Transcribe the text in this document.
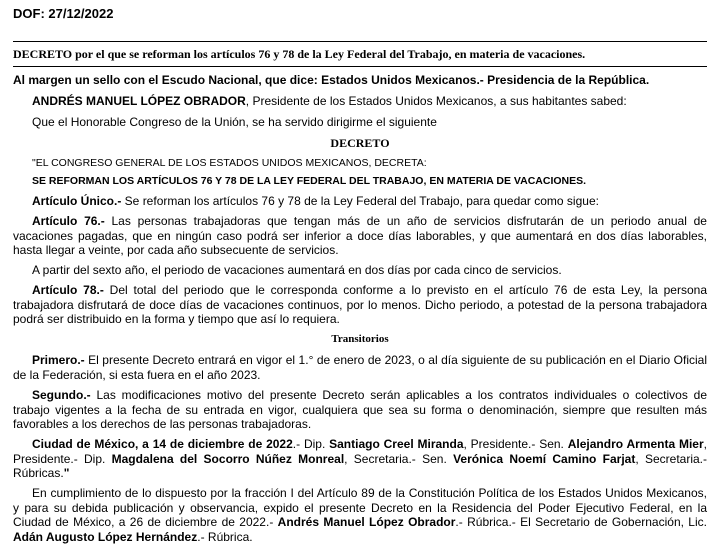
DOF: 27/12/2022
DECRETO por el que se reforman los artículos 76 y 78 de la Ley Federal del Trabajo, en materia de vacaciones.

Al margen un sello con el Escudo Nacional, que dice: Estados Unidos Mexicanos.- Presidencia de la República.

ANDRÉS MANUEL LÓPEZ OBRADOR, Presidente de los Estados Unidos Mexicanos, a sus habitantes sabed:

Que el Honorable Congreso de la Unión, se ha servido dirigirme el siguiente

DECRETO

"EL CONGRESO GENERAL DE LOS ESTADOS UNIDOS MEXICANOS, DECRETA:

SE REFORMAN LOS ARTÍCULOS 76 Y 78 DE LA LEY FEDERAL DEL TRABAJO, EN MATERIA DE VACACIONES.

Artículo Único.- Se reforman los artículos 76 y 78 de la Ley Federal del Trabajo, para quedar como sigue:

Artículo 76.- Las personas trabajadoras que tengan más de un año de servicios disfrutarán de un periodo anual de vacaciones pagadas, que en ningún caso podrá ser inferior a doce días laborables, y que aumentará en dos días laborables, hasta llegar a veinte, por cada año subsecuente de servicios.

A partir del sexto año, el periodo de vacaciones aumentará en dos días por cada cinco de servicios.

Artículo 78.- Del total del periodo que le corresponda conforme a lo previsto en el artículo 76 de esta Ley, la persona trabajadora disfrutará de doce días de vacaciones continuos, por lo menos. Dicho periodo, a potestad de la persona trabajadora podrá ser distribuido en la forma y tiempo que así lo requiera.

Transitorios

Primero.- El presente Decreto entrará en vigor el 1.° de enero de 2023, o al día siguiente de su publicación en el Diario Oficial de la Federación, si esta fuera en el año 2023.

Segundo.- Las modificaciones motivo del presente Decreto serán aplicables a los contratos individuales o colectivos de trabajo vigentes a la fecha de su entrada en vigor, cualquiera que sea su forma o denominación, siempre que resulten más favorables a los derechos de las personas trabajadoras.

Ciudad de México, a 14 de diciembre de 2022.- Dip. Santiago Creel Miranda, Presidente.- Sen. Alejandro Armenta Mier, Presidente.- Dip. Magdalena del Socorro Núñez Monreal, Secretaria.- Sen. Verónica Noemí Camino Farjat, Secretaria.- Rúbricas."

En cumplimiento de lo dispuesto por la fracción I del Artículo 89 de la Constitución Política de los Estados Unidos Mexicanos, y para su debida publicación y observancia, expido el presente Decreto en la Residencia del Poder Ejecutivo Federal, en la Ciudad de México, a 26 de diciembre de 2022.- Andrés Manuel López Obrador.- Rúbrica.- El Secretario de Gobernación, Lic. Adán Augusto López Hernández.- Rúbrica.
